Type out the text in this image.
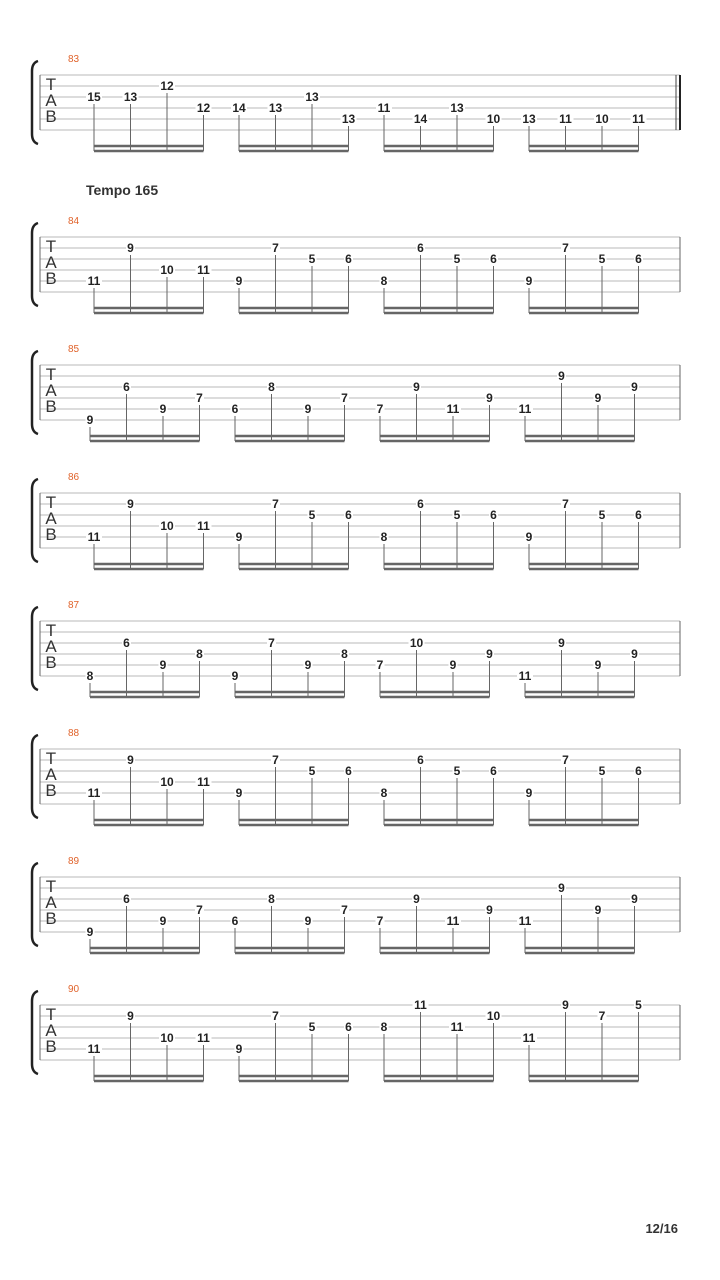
83
T
A
B
15 13
12
12 14 13
13
13
11
14
13
10 13 11 10 11
84
T
A
B	11
9
10 11
9
7
5 6
8
6
5 6
9
7
5 6
85
T
A
B
9
6
9
7
6
8
9
7
7
9
11
9
11
9
9
9
86
T
A
B	11
9
10 11
9
7
5 6
8
6
5 6
9
7
5 6
87
T
A
B
8
6
9
8
9
7
9
8
7
10
9
9
11
9
9
9
88
T
A
B	11
9
10 11
9
7
5 6
8
6
5 6
9
7
5 6
89
T
A
B
9
6
9
7
6
8
9
7
7
9
11
9
11
9
9
9
90
T
A
B	11
9
10 11
9
7
5 6 8
11
11
10
11
9
7
5
Tempo 165
12/16
